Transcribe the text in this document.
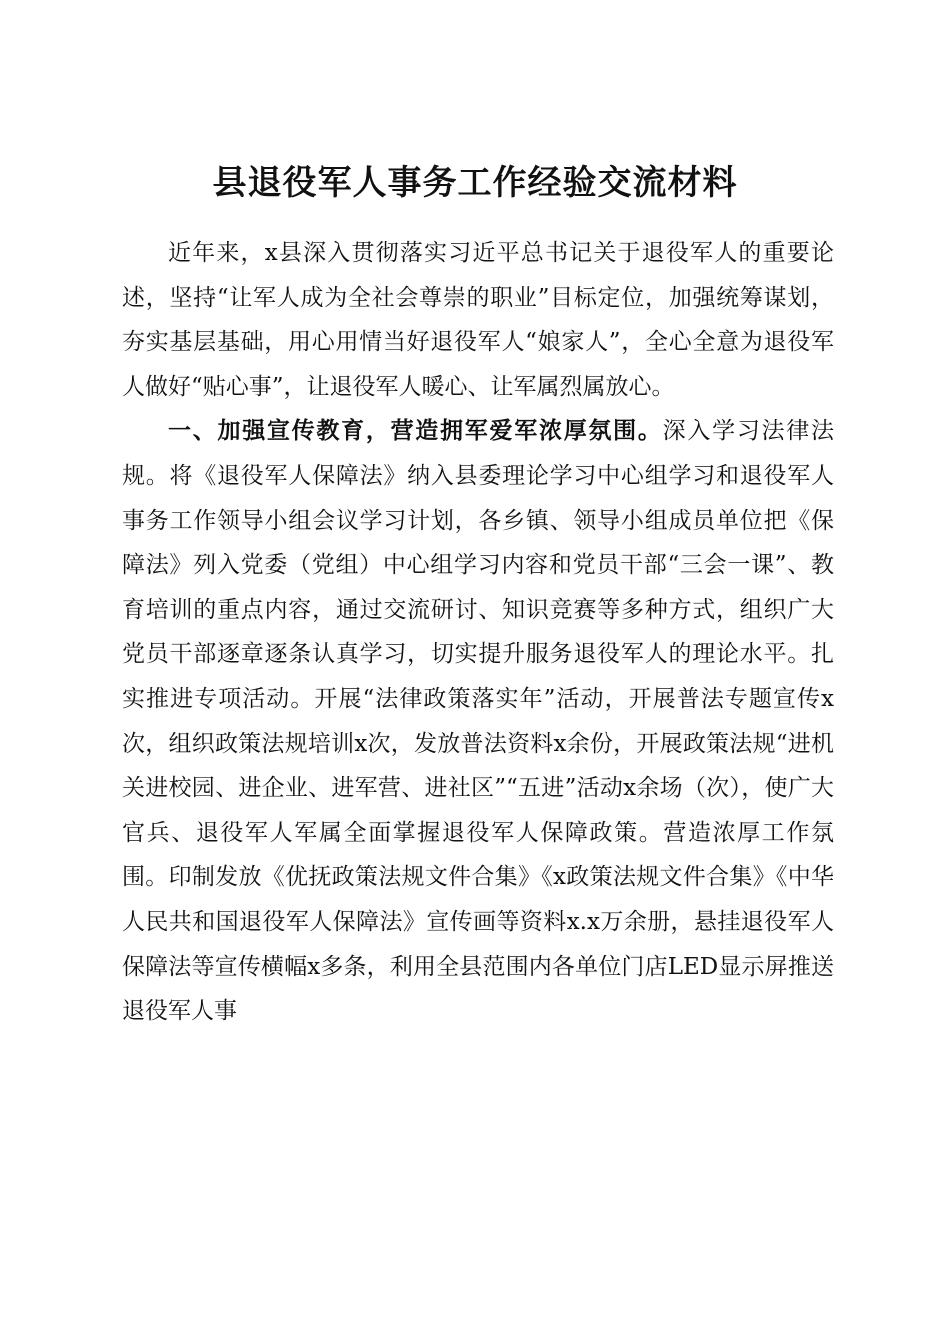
县退役军人事务工作经验交流材料

近年来，x县深入贯彻落实习近平总书记关于退役军人的重要论述，坚持“让军人成为全社会尊崇的职业”目标定位，加强统筹谋划，夯实基层基础，用心用情当好退役军人“娘家人”，全心全意为退役军人做好“贴心事”，让退役军人暖心、让军属烈属放心。

一、加强宣传教育，营造拥军爱军浓厚氛围。深入学习法律法规。将《退役军人保障法》纳入县委理论学习中心组学习和退役军人事务工作领导小组会议学习计划，各乡镇、领导小组成员单位把《保障法》列入党委（党组）中心组学习内容和党员干部“三会一课”、教育培训的重点内容，通过交流研讨、知识竞赛等多种方式，组织广大党员干部逐章逐条认真学习，切实提升服务退役军人的理论水平。扎实推进专项活动。开展“法律政策落实年”活动，开展普法专题宣传x次，组织政策法规培训x次，发放普法资料x余份，开展政策法规“进机关进校园、进企业、进军营、进社区”“五进”活动x余场（次），使广大官兵、退役军人军属全面掌握退役军人保障政策。营造浓厚工作氛围。印制发放《优抚政策法规文件合集》《x政策法规文件合集》《中华人民共和国退役军人保障法》宣传画等资料x.x万余册，悬挂退役军人保障法等宣传横幅x多条，利用全县范围内各单位门店LED显示屏推送退役军人事
